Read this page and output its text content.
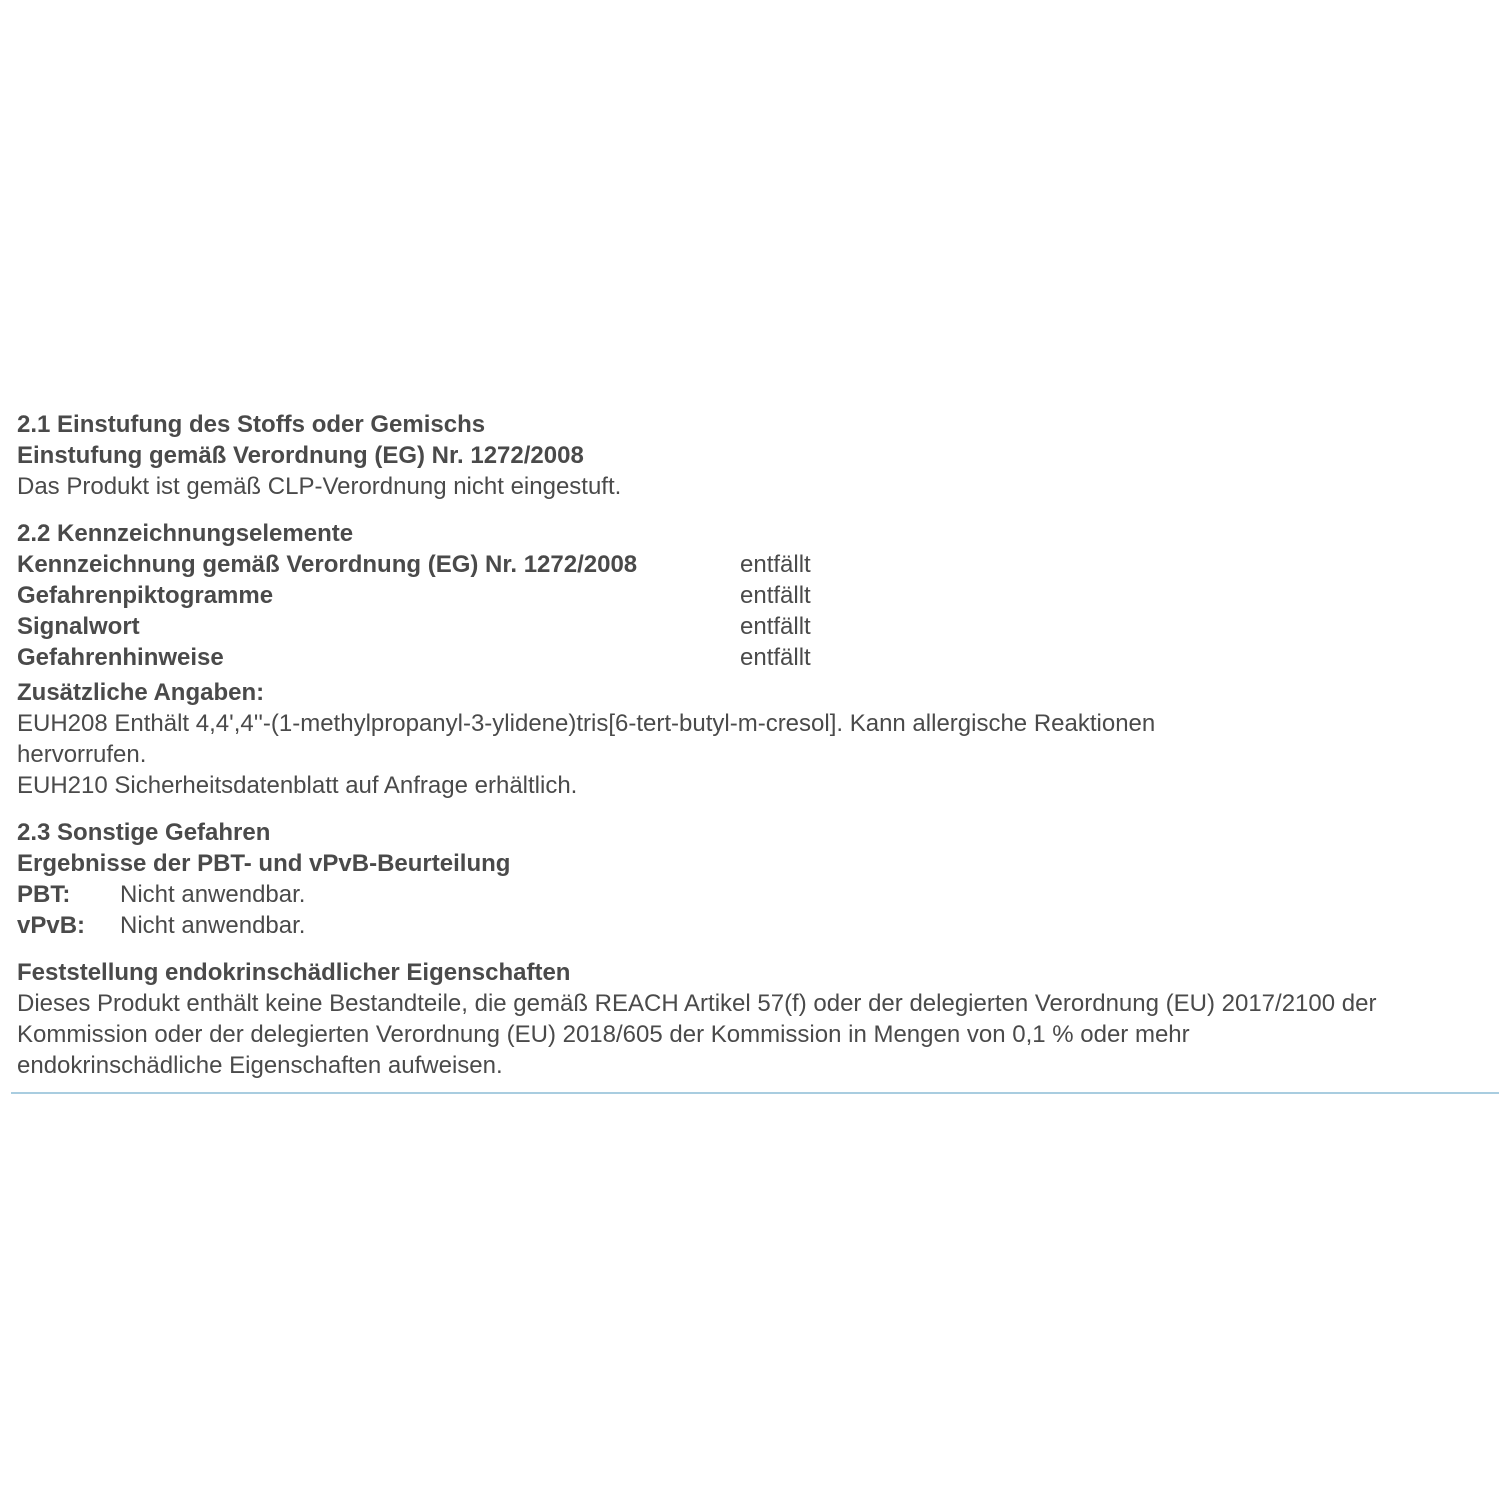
2.1 Einstufung des Stoffs oder Gemischs
Einstufung gemäß Verordnung (EG) Nr. 1272/2008
Das Produkt ist gemäß CLP-Verordnung nicht eingestuft.
2.2 Kennzeichnungselemente
Kennzeichnung gemäß Verordnung (EG) Nr. 1272/2008	entfällt
Gefahrenpiktogramme	entfällt
Signalwort	entfällt
Gefahrenhinweise	entfällt
Zusätzliche Angaben:
EUH208 Enthält 4,4',4''-(1-methylpropanyl-3-ylidene)tris[6-tert-butyl-m-cresol]. Kann allergische Reaktionen
hervorrufen.
EUH210 Sicherheitsdatenblatt auf Anfrage erhältlich.
2.3 Sonstige Gefahren
Ergebnisse der PBT- und vPvB-Beurteilung
PBT:	Nicht anwendbar.
vPvB:	Nicht anwendbar.
Feststellung endokrinschädlicher Eigenschaften
Dieses Produkt enthält keine Bestandteile, die gemäß REACH Artikel 57(f) oder der delegierten Verordnung (EU) 2017/2100 der
Kommission oder der delegierten Verordnung (EU) 2018/605 der Kommission in Mengen von 0,1 % oder mehr
endokrinschädliche Eigenschaften aufweisen.
